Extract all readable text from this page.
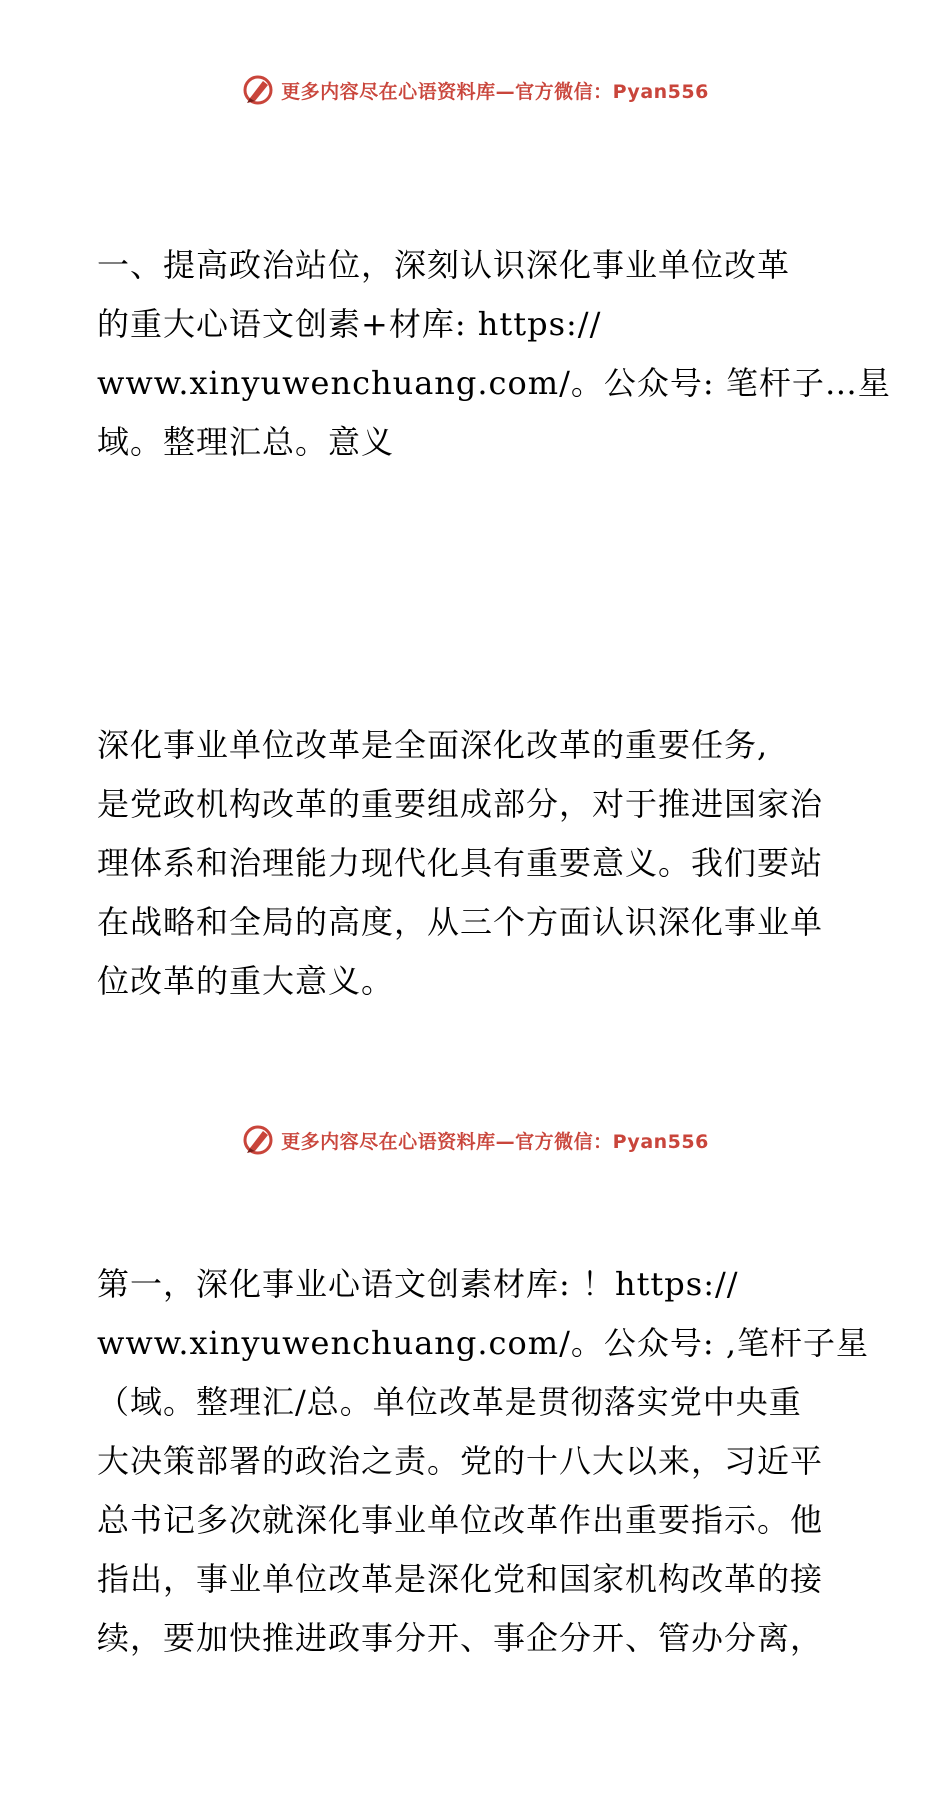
更多内容尽在心语资料库—官方微信：Pyan556

一、提高政治站位，深刻认识深化事业单位改革
的重大心语文创素+材库: https://
www.xinyuwenchuang.com/。公众号: 笔杆子…星
域。整理汇总。意义

深化事业单位改革是全面深化改革的重要任务,
是党政机构改革的重要组成部分，对于推进国家治
理体系和治理能力现代化具有重要意义。我们要站
在战略和全局的高度，从三个方面认识深化事业单
位改革的重大意义。

第一，深化事业心语文创素材库: ！https://
www.xinyuwenchuang.com/。公众号: ,笔杆子星
（域。整理汇/总。单位改革是贯彻落实党中央重
大决策部署的政治之责。党的十八大以来，习近平
总书记多次就深化事业单位改革作出重要指示。他
指出，事业单位改革是深化党和国家机构改革的接
续，要加快推进政事分开、事企分开、管办分离，

更多内容尽在心语资料库—官方微信：Pyan556
